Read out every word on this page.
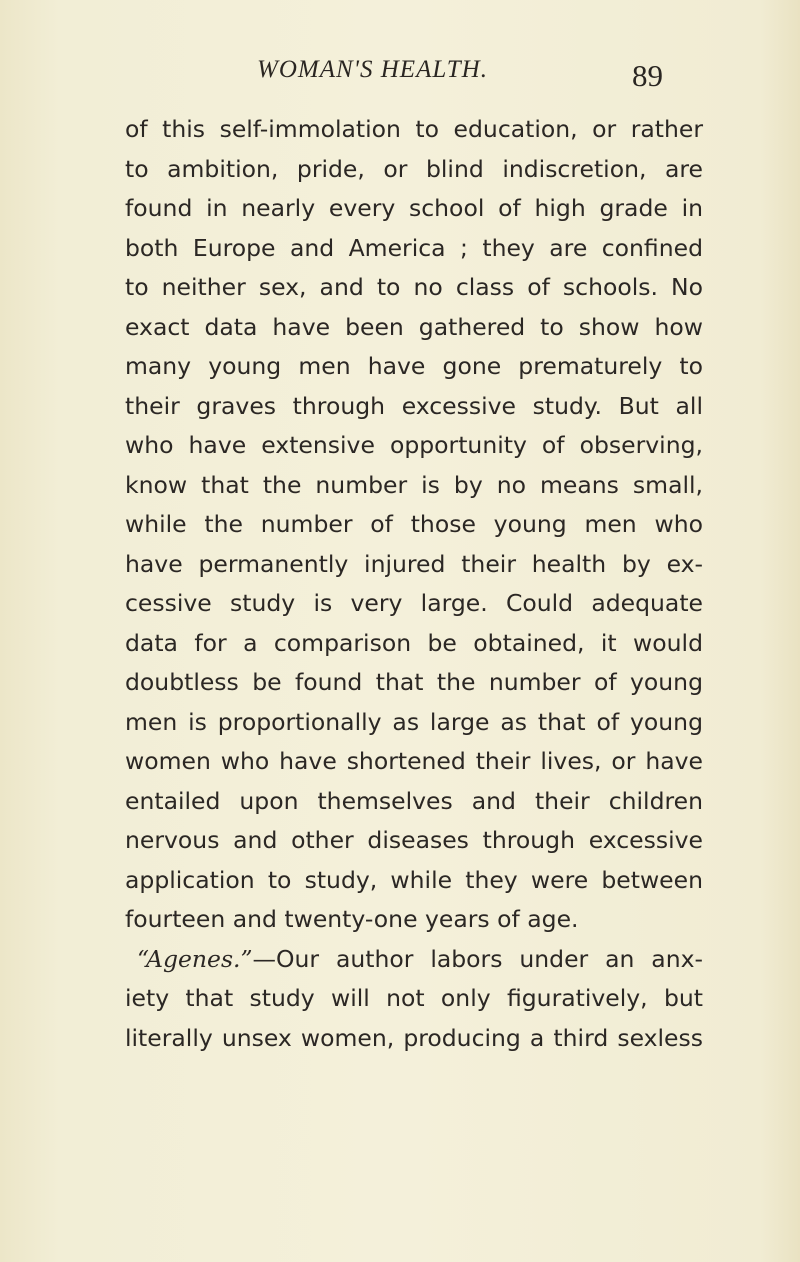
WOMAN'S HEALTH.	89
of this self-immolation to education, or rather
to ambition, pride, or blind indiscretion, are
found in nearly every school of high grade in
both Europe and America ; they are confined
to neither sex, and to no class of schools. No
exact data have been gathered to show how
many young men have gone prematurely to
their graves through excessive study. But all
who have extensive opportunity of observing,
know that the number is by no means small,
while the number of those young men who
have permanently injured their health by ex-
cessive study is very large. Could adequate
data for a comparison be obtained, it would
doubtless be found that the number of young
men is proportionally as large as that of young
women who have shortened their lives, or have
entailed upon themselves and their children
nervous and other diseases through excessive
application to study, while they were between
fourteen and twenty-one years of age.
“Agenes.”—Our author labors under an anx-
iety that study will not only figuratively, but
literally unsex women, producing a third sexless
